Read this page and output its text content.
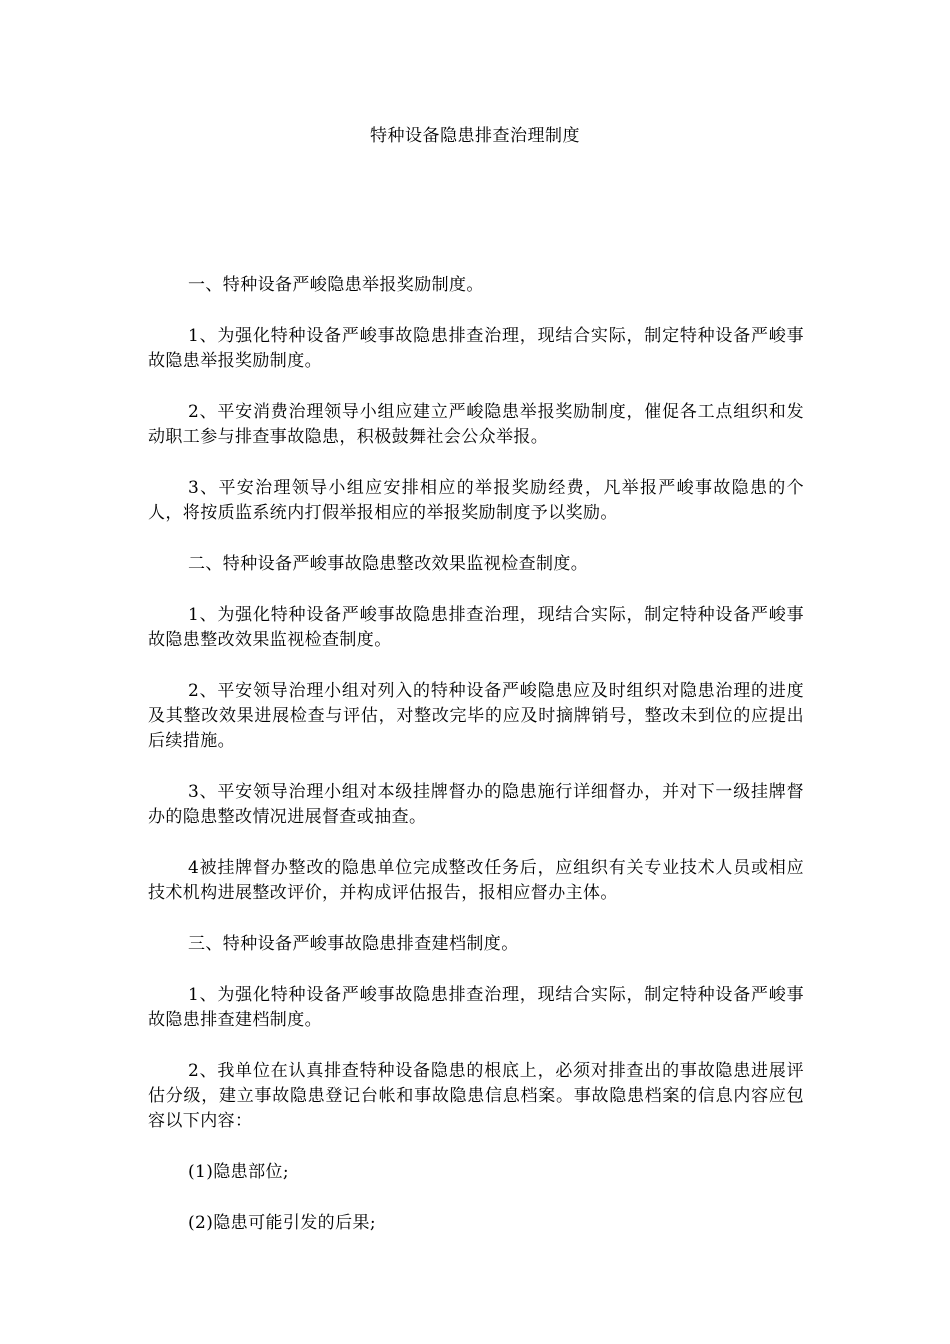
特种设备隐患排查治理制度

一、特种设备严峻隐患举报奖励制度。

1、为强化特种设备严峻事故隐患排查治理，现结合实际，制定特种设备严峻事故隐患举报奖励制度。

2、平安消费治理领导小组应建立严峻隐患举报奖励制度，催促各工点组织和发动职工参与排查事故隐患，积极鼓舞社会公众举报。

3、平安治理领导小组应安排相应的举报奖励经费，凡举报严峻事故隐患的个人，将按质监系统内打假举报相应的举报奖励制度予以奖励。

二、特种设备严峻事故隐患整改效果监视检查制度。

1、为强化特种设备严峻事故隐患排查治理，现结合实际，制定特种设备严峻事故隐患整改效果监视检查制度。

2、平安领导治理小组对列入的特种设备严峻隐患应及时组织对隐患治理的进度及其整改效果进展检查与评估，对整改完毕的应及时摘牌销号，整改未到位的应提出后续措施。

3、平安领导治理小组对本级挂牌督办的隐患施行详细督办，并对下一级挂牌督办的隐患整改情况进展督查或抽查。

4被挂牌督办整改的隐患单位完成整改任务后，应组织有关专业技术人员或相应技术机构进展整改评价，并构成评估报告，报相应督办主体。

三、特种设备严峻事故隐患排查建档制度。

1、为强化特种设备严峻事故隐患排查治理，现结合实际，制定特种设备严峻事故隐患排查建档制度。

2、我单位在认真排查特种设备隐患的根底上，必须对排查出的事故隐患进展评估分级，建立事故隐患登记台帐和事故隐患信息档案。事故隐患档案的信息内容应包容以下内容：

(1)隐患部位;

(2)隐患可能引发的后果;
